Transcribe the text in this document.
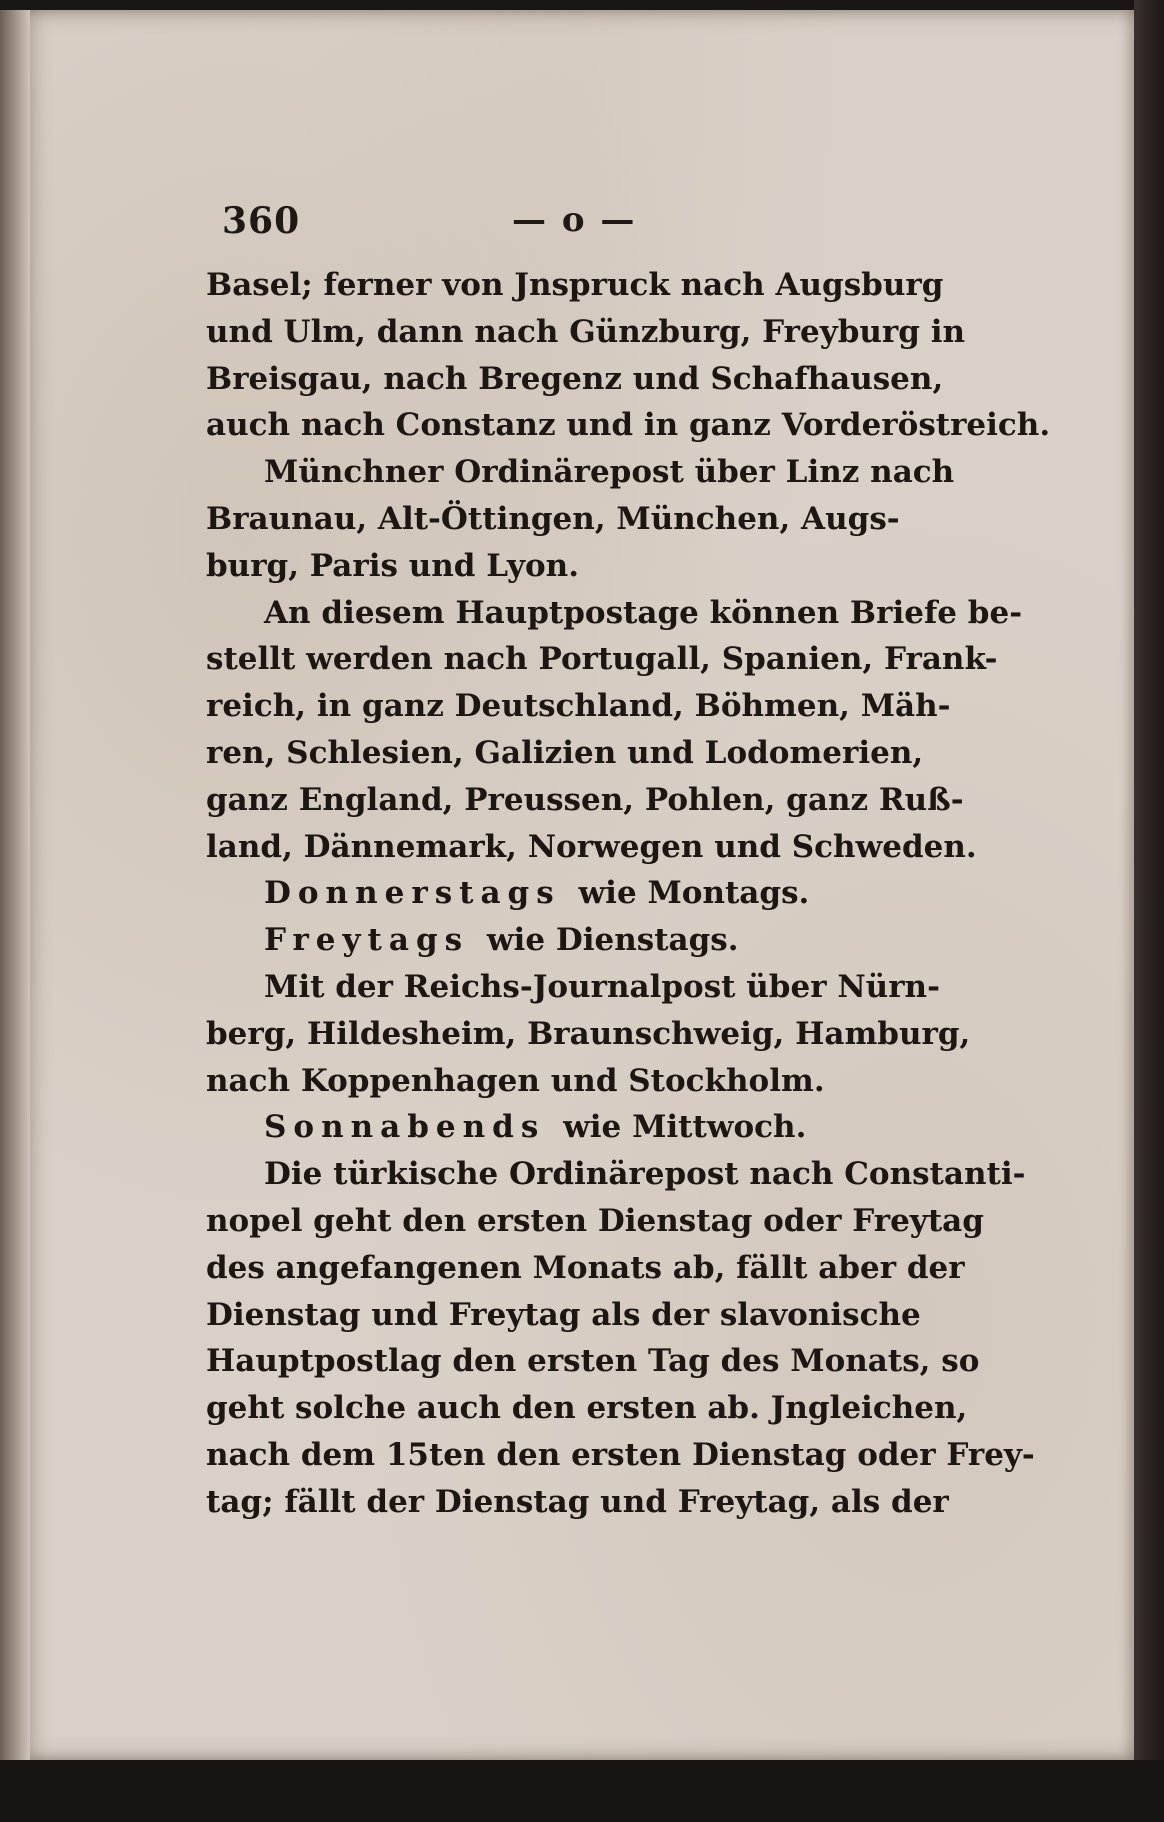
360	— o —
Basel; ferner von Jnspruck nach Augsburg
und Ulm, dann nach Günzburg, Freyburg in
Breisgau, nach Bregenz und Schafhausen,
auch nach Constanz und in ganz Vorderöstreich.
Münchner Ordinärepost über Linz nach
Braunau, Alt-Öttingen, München, Augs-
burg, Paris und Lyon.
An diesem Hauptpostage können Briefe be-
stellt werden nach Portugall, Spanien, Frank-
reich, in ganz Deutschland, Böhmen, Mäh-
ren, Schlesien, Galizien und Lodomerien,
ganz England, Preussen, Pohlen, ganz Ruß-
land, Dännemark, Norwegen und Schweden.
Donnerstags wie Montags.
Freytags wie Dienstags.
Mit der Reichs-Journalpost über Nürn-
berg, Hildesheim, Braunschweig, Hamburg,
nach Koppenhagen und Stockholm.
Sonnabends wie Mittwoch.
Die türkische Ordinärepost nach Constanti-
nopel geht den ersten Dienstag oder Freytag
des angefangenen Monats ab, fällt aber der
Dienstag und Freytag als der slavonische
Hauptpostlag den ersten Tag des Monats, so
geht solche auch den ersten ab. Jngleichen,
nach dem 15ten den ersten Dienstag oder Frey-
tag; fällt der Dienstag und Freytag, als der
